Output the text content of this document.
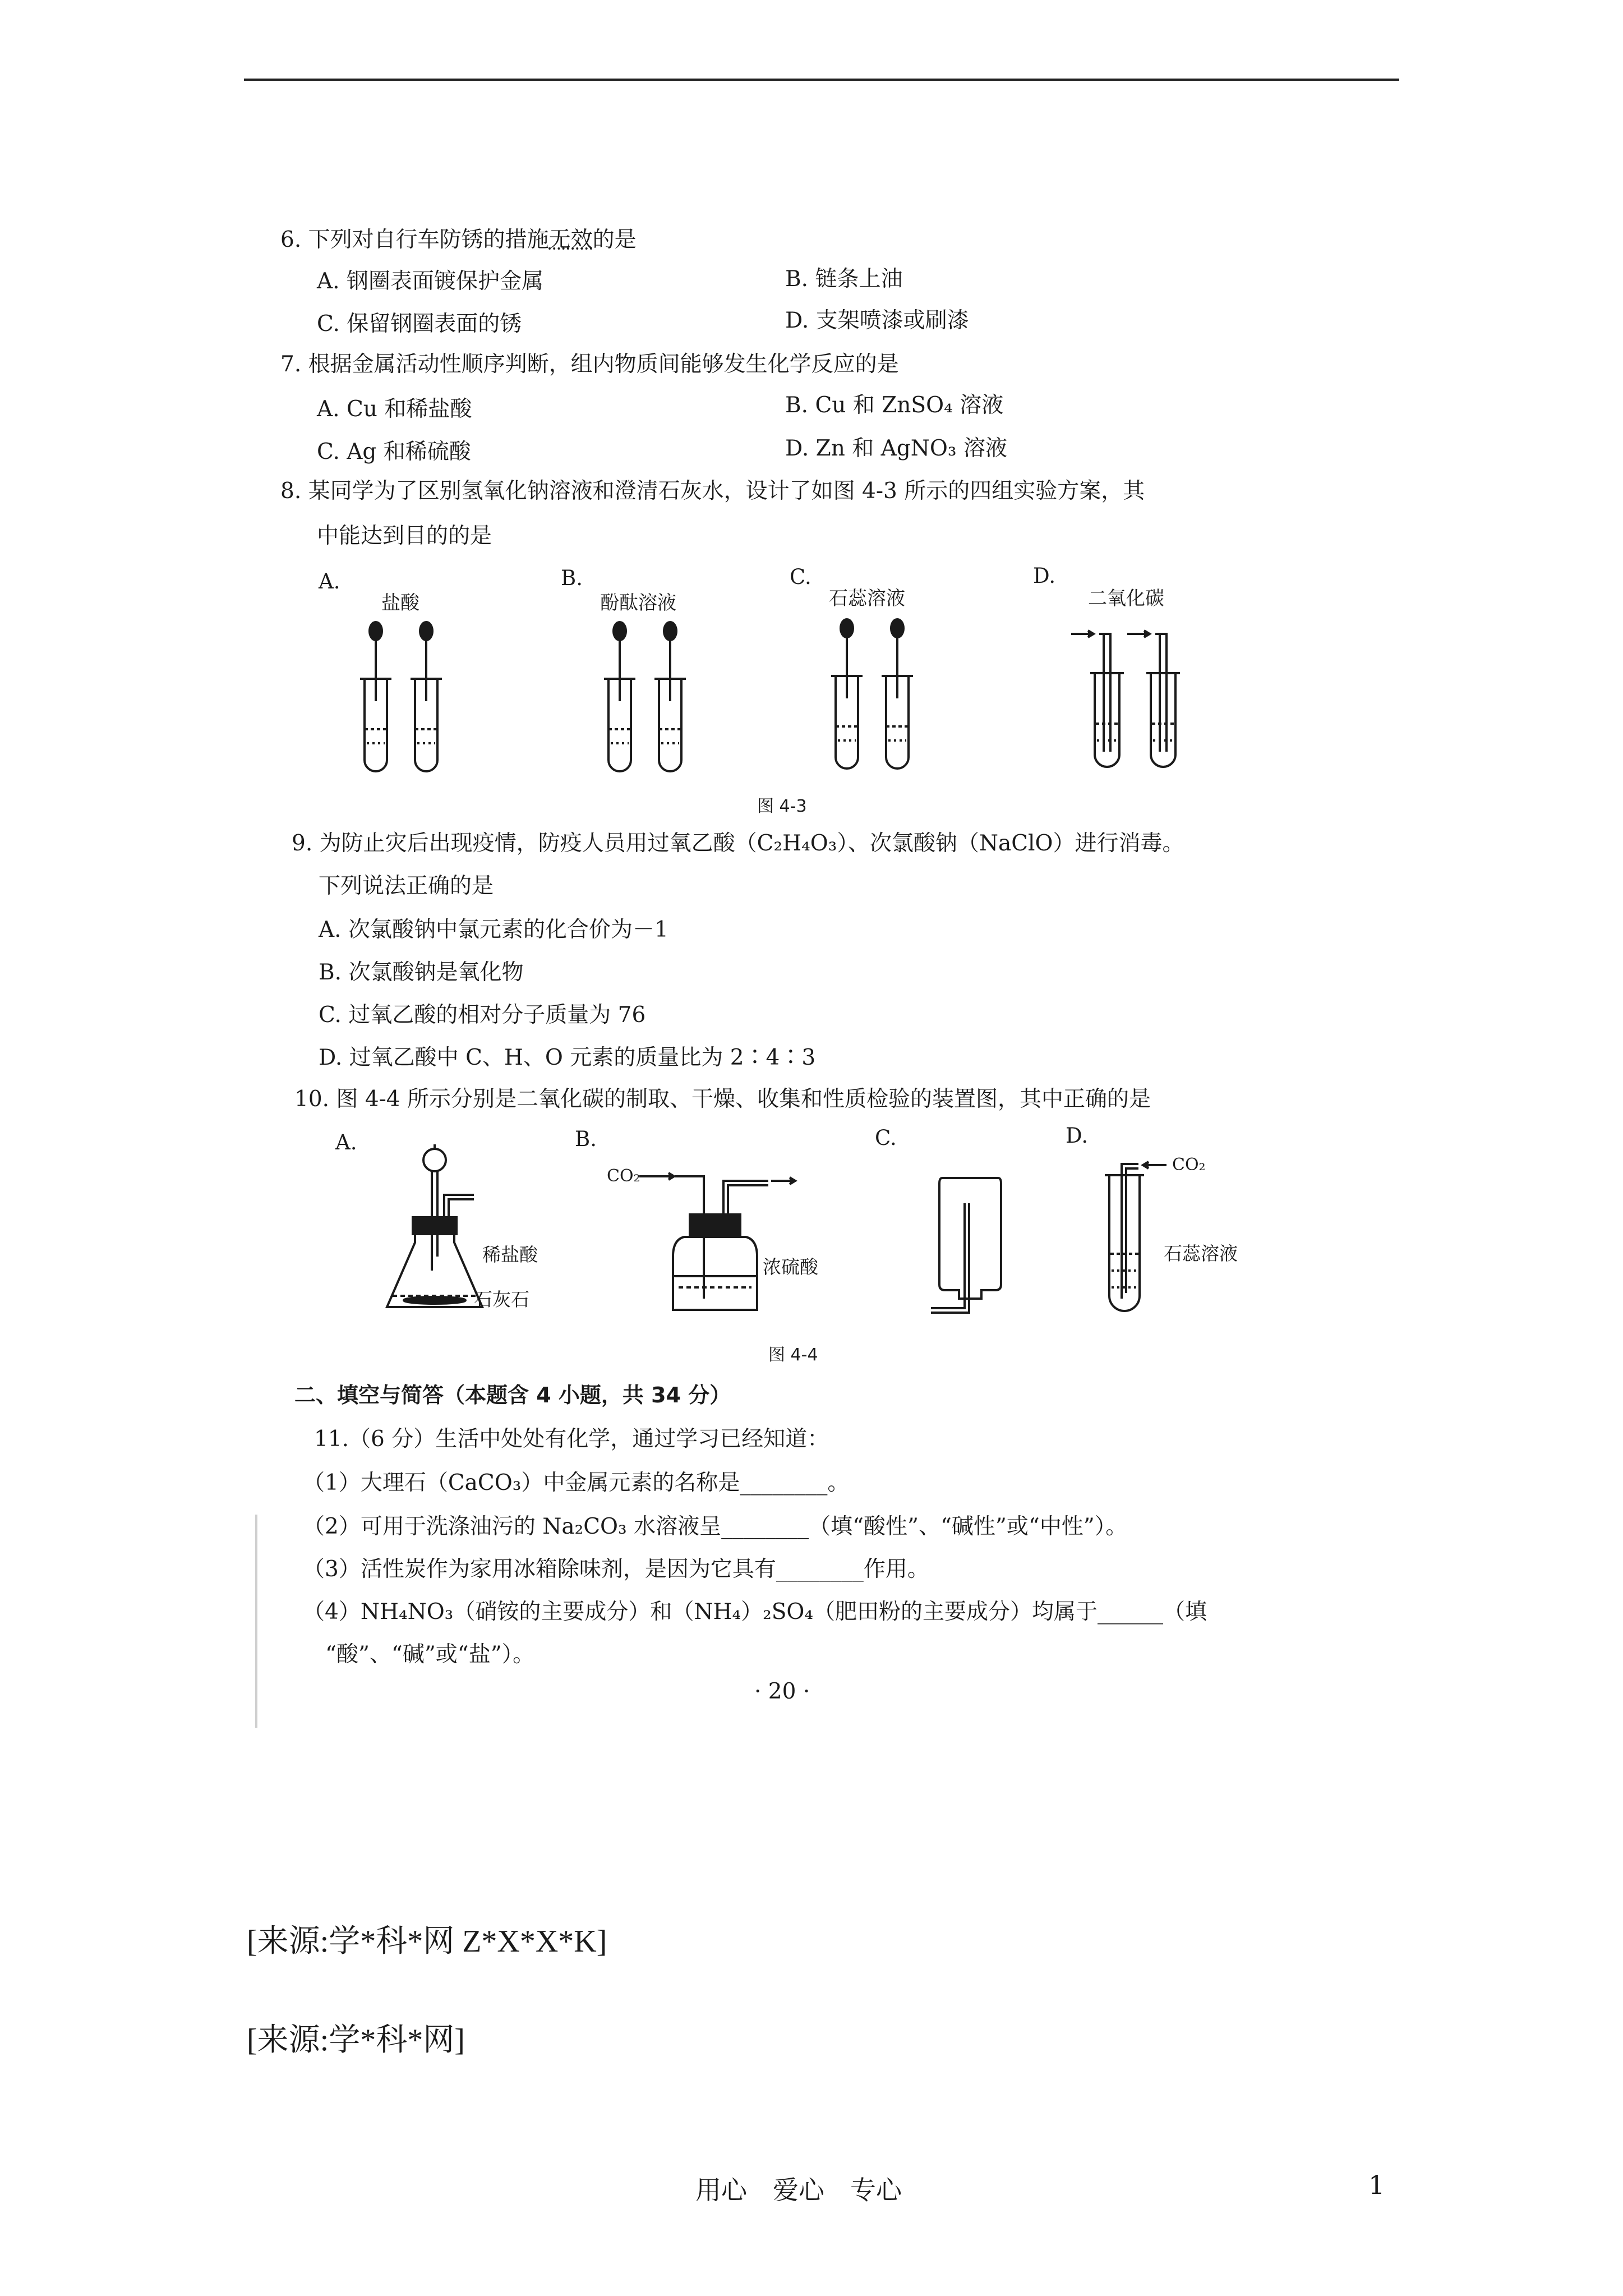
6. 下列对自行车防锈的措施无效的是
A. 钢圈表面镀保护金属	B. 链条上油
C. 保留钢圈表面的锈	D. 支架喷漆或刷漆
7. 根据金属活动性顺序判断，组内物质间能够发生化学反应的是
A. Cu 和稀盐酸	B. Cu 和 ZnSO₄ 溶液
C. Ag 和稀硫酸	D. Zn 和 AgNO₃ 溶液
8. 某同学为了区别氢氧化钠溶液和澄清石灰水，设计了如图 4-3 所示的四组实验方案，其
中能达到目的的是
A.
盐酸
B.
酚酞溶液
C.
石蕊溶液
D.
二氧化碳
图 4-3
9. 为防止灾后出现疫情，防疫人员用过氧乙酸（C₂H₄O₃）、次氯酸钠（NaClO）进行消毒。
下列说法正确的是
A. 次氯酸钠中氯元素的化合价为－1
B. 次氯酸钠是氧化物
C. 过氧乙酸的相对分子质量为 76
D. 过氧乙酸中 C、H、O 元素的质量比为 2∶4∶3
10. 图 4-4 所示分别是二氧化碳的制取、干燥、收集和性质检验的装置图，其中正确的是
A.	B.	C.	D.
稀盐酸
石灰石
CO₂
浓硫酸
CO₂
石蕊溶液
图 4-4
二、填空与简答（本题含 4 小题，共 34 分）
11.（6 分）生活中处处有化学，通过学习已经知道：
（1）大理石（CaCO₃）中金属元素的名称是________。
（2）可用于洗涤油污的 Na₂CO₃ 水溶液呈________（填“酸性”、“碱性”或“中性”）。
（3）活性炭作为家用冰箱除味剂，是因为它具有________作用。
（4）NH₄NO₃（硝铵的主要成分）和（NH₄）₂SO₄（肥田粉的主要成分）均属于______（填
“酸”、“碱”或“盐”）。
· 20 ·
[来源:学*科*网 Z*X*X*K]
[来源:学*科*网]
用心　爱心　专心	1
